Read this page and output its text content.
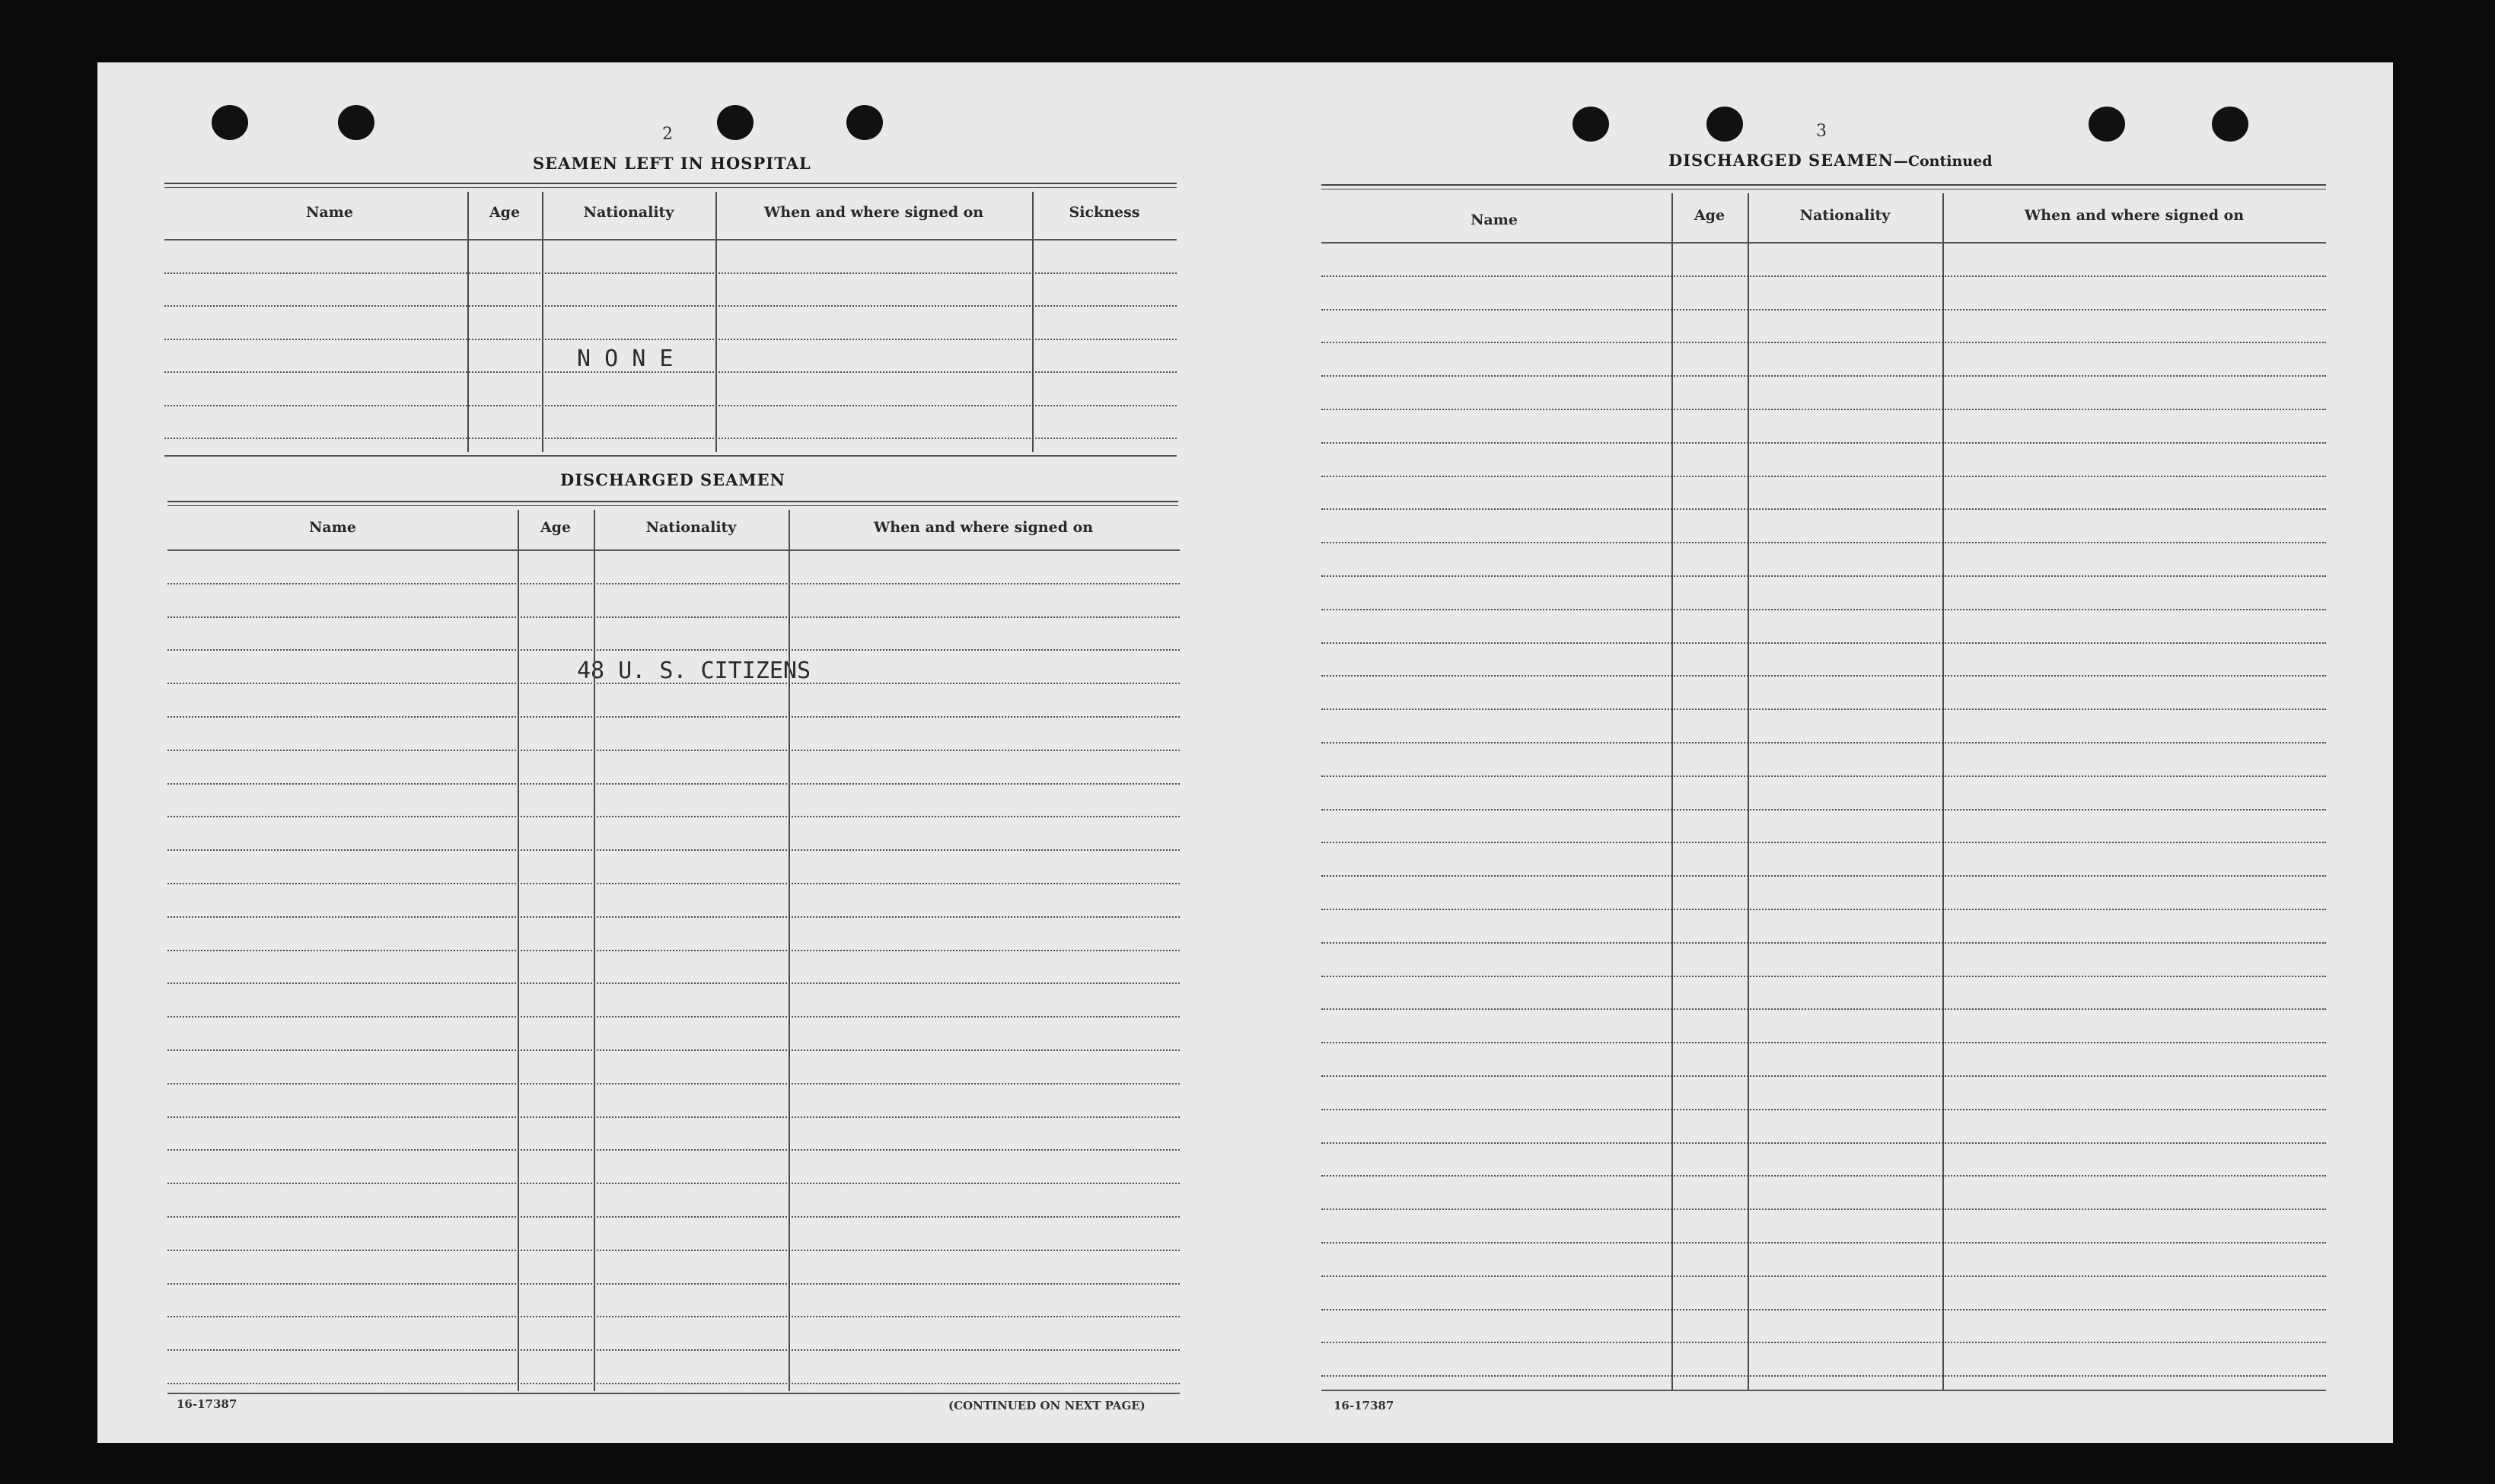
2
SEAMEN LEFT IN HOSPITAL
Name	Age	Nationality	When and where signed on	Sickness
N O N E
DISCHARGED SEAMEN
Name	Age	Nationality	When and where signed on
48 U. S. CITIZENS
16-17387	(CONTINUED ON NEXT PAGE)
3
DISCHARGED SEAMEN—Continued
Name	Age	Nationality	When and where signed on
16-17387
